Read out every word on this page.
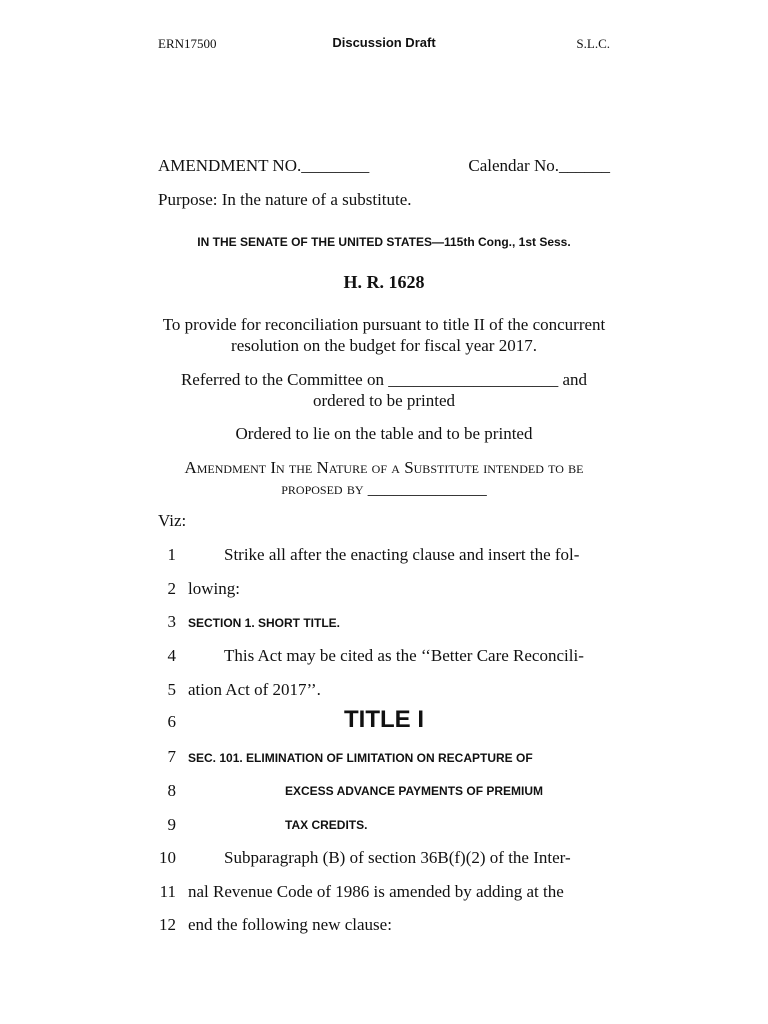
ERN17500	Discussion Draft	S.L.C.
AMENDMENT NO.________	Calendar No.______
Purpose: In the nature of a substitute.
IN THE SENATE OF THE UNITED STATES—115th Cong., 1st Sess.
H. R. 1628
To provide for reconciliation pursuant to title II of the concurrent resolution on the budget for fiscal year 2017.
Referred to the Committee on ____________________ and ordered to be printed
Ordered to lie on the table and to be printed
Amendment In the Nature of a Substitute intended to be proposed by ______________
Viz:
1	Strike all after the enacting clause and insert the fol-
2 lowing:
3 SECTION 1. SHORT TITLE.
4	This Act may be cited as the ‘‘Better Care Reconcili-
5 ation Act of 2017’’.
6	TITLE I
7 SEC. 101. ELIMINATION OF LIMITATION ON RECAPTURE OF
8	EXCESS ADVANCE PAYMENTS OF PREMIUM
9	TAX CREDITS.
10	Subparagraph (B) of section 36B(f)(2) of the Inter-
11 nal Revenue Code of 1986 is amended by adding at the
12 end the following new clause:
